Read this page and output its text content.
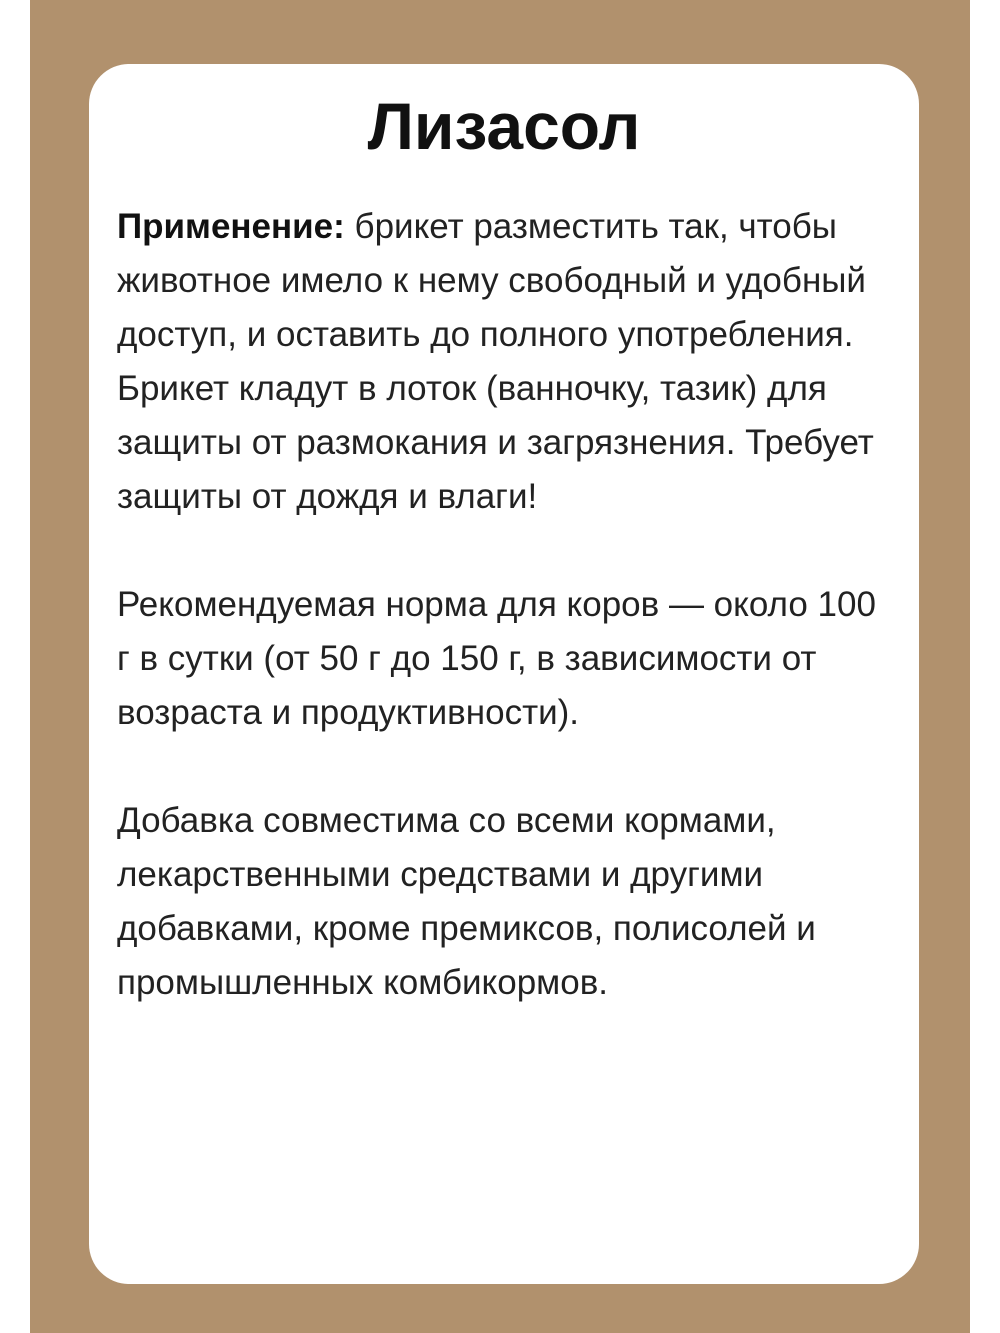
Лизасол

Применение: брикет разместить так, чтобы животное имело к нему свободный и удобный доступ, и оставить до полного употребления. Брикет кладут в лоток (ванночку, тазик) для защиты от размокания и загрязнения. Требует защиты от дождя и влаги!

Рекомендуемая норма для коров — около 100 г в сутки (от 50 г до 150 г, в зависимости от возраста и продуктивности).

Добавка совместима со всеми кормами, лекарственными средствами и другими добавками, кроме премиксов, полисолей и промышленных комбикормов.
